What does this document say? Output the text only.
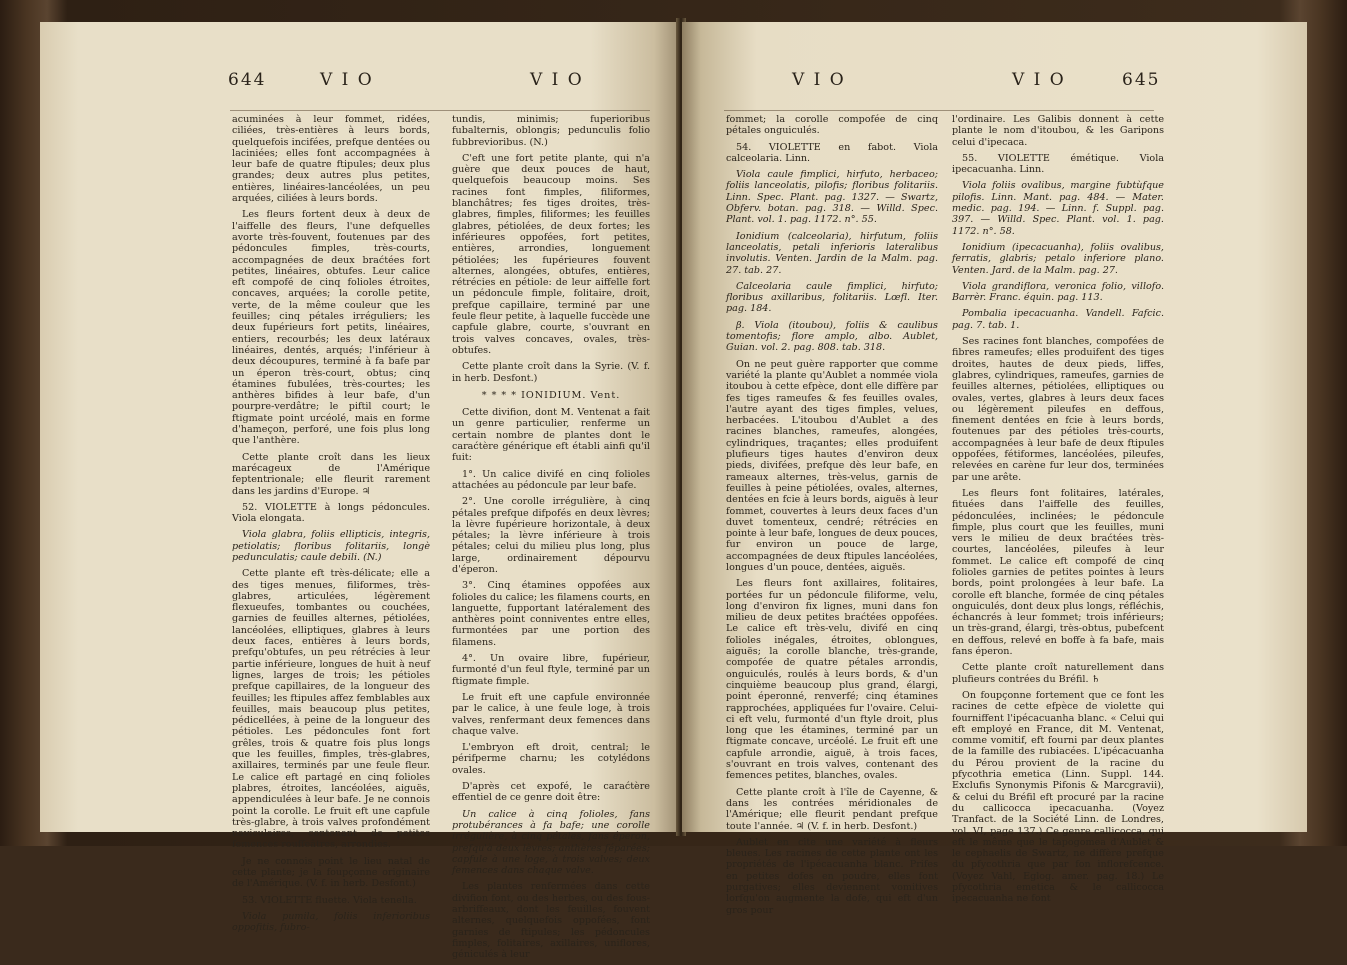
644	V I O	V I O

acuminées à leur fommet, ridées, ciliées, très-entières à leurs bords, quelquefois incifées, prefque dentées ou laciniées; elles font accompagnées à leur bafe de quatre ftipules; deux plus grandes; deux autres plus petites, entières, linéaires-lancéolées, un peu arquées, ciliées à leurs bords.

Les fleurs fortent deux à deux de l'aiffelle des fleurs, l'une defquelles avorte très-fouvent, foutenues par des pédoncules fimples, très-courts, accompagnées de deux braćtées fort petites, linéaires, obtufes. Leur calice eft compofé de cinq folioles étroites, concaves, arquées; la corolle petite, verte, de la même couleur que les feuilles; cinq pétales irréguliers; les deux fupérieurs fort petits, linéaires, entiers, recourbés; les deux latéraux linéaires, dentés, arqués; l'inférieur à deux découpures, terminé à fa bafe par un éperon très-court, obtus; cinq étamines fubulées, très-courtes; les anthères bifides à leur bafe, d'un pourpre-verdâtre; le piftil court; le ftigmate point urcéolé, mais en forme d'hameçon, perforé, une fois plus long que l'anthère.

Cette plante croît dans les lieux marécageux de l'Amérique feptentrionale; elle fleurit rarement dans les jardins d'Europe. ♃

52. VIOLETTE à longs pédoncules. Viola elongata.

Viola glabra, foliis ellipticis, integris, petiolatis; floribus folitariis, longè pedunculatis; caule debili. (N.)

Cette plante eft très-délicate; elle a des tiges menues, filiformes, très-glabres, articulées, légèrement flexueufes, tombantes ou couchées, garnies de feuilles alternes, pétiolées, lancéolées, elliptiques, glabres à leurs deux faces, entières à leurs bords, prefqu'obtufes, un peu rétrécies à leur partie inférieure, longues de huit à neuf lignes, larges de trois; les pétioles prefque capillaires, de la longueur des feuilles; les ftipules affez femblables aux feuilles, mais beaucoup plus petites, pédicellées, à peine de la longueur des pétioles. Les pédoncules font fort grêles, trois & quatre fois plus longs que les feuilles, fimples, très-glabres, axillaires, terminés par une feule fleur. Le calice eft partagé en cinq folioles plabres, étroites, lancéolées, aiguës, appendiculées à leur bafe. Je ne connois point la corolle. Le fruit eft une capfule très-glabre, à trois valves profondément naviculaires, contenant de petites femences rouffeâtres, arrondies.

Je ne connois point le lieu natal de cette plante; je la foupçonne originaire de l'Amérique. (V. f. in herb. Desfont.)

53. VIOLETTE fluette. Viola tenella.

Viola pumila, foliis inferioribus oppofitis, fubro-

tundis, minimis; fuperioribus fubalternis, oblongis; pedunculis folio fubbrevioribus. (N.)

C'eft une fort petite plante, qui n'a guère que deux pouces de haut, quelquefois beaucoup moins. Ses racines font fimples, filiformes, blanchâtres; fes tiges droites, très-glabres, fimples, filiformes; les feuilles glabres, pétiolées, de deux fortes; les inférieures oppofées, fort petites, entières, arrondies, longuement pétiolées; les fupérieures fouvent alternes, alongées, obtufes, entières, rétrécies en pétiole: de leur aiffelle fort un pédoncule fimple, folitaire, droit, prefque capillaire, terminé par une feule fleur petite, à laquelle fuccède une capfule glabre, courte, s'ouvrant en trois valves concaves, ovales, très-obtufes.

Cette plante croît dans la Syrie. (V. f. in herb. Desfont.)

* * * * IONIDIUM. Vent.

Cette divifion, dont M. Ventenat a fait un genre particulier, renferme un certain nombre de plantes dont le caraćtère générique eft établi ainfi qu'il fuit:

1°. Un calice divifé en cinq folioles attachées au pédoncule par leur bafe.

2°. Une corolle irrégulière, à cinq pétales prefque difpofés en deux lèvres; la lèvre fupérieure horizontale, à deux pétales; la lèvre inférieure à trois pétales; celui du milieu plus long, plus large, ordinairement dépourvu d'éperon.

3°. Cinq étamines oppofées aux folioles du calice; les filamens courts, en languette, fupportant latéralement des anthères point conniventes entre elles, furmontées par une portion des filamens.

4°. Un ovaire libre, fupérieur, furmonté d'un feul ftyle, terminé par un ftigmate fimple.

Le fruit eft une capfule environnée par le calice, à une feule loge, à trois valves, renfermant deux femences dans chaque valve.

L'embryon eft droit, central; le périfperme charnu; les cotylédons ovales.

D'après cet expofé, le caraćtère effentiel de ce genre doit être:

Un calice à cinq folioles, fans protubérances à fa bafe; une corolle irrégulière, à cinq pétales, fans éperon, prefqu'à deux lèvres; anthères féparées; capfule à une loge, à trois valves; deux femences dans chaque valve.

Les plantes renfermées dans cette divifion font, ou des herbes, ou des fous-arbriffeaux, dont les feuilles, fouvent alternes, quelquefois oppofées, font garnies de ftipules; les pédoncules fimples, folitaires, axillaires, uniflores, géniculés à leur

V I O	V I O	645

fommet; la corolle compofée de cinq pétales onguiculés.

54. VIOLETTE en fabot. Viola calceolaria. Linn.

Viola caule fimplici, hirfuto, herbaceo; foliis lanceolatis, pilofis; floribus folitariis. Linn. Spec. Plant. pag. 1327. — Swartz, Obferv. botan. pag. 318. — Willd. Spec. Plant. vol. 1. pag. 1172. n°. 55.

Ionidium (calceolaria), hirfutum, foliis lanceolatis, petali inferioris lateralibus involutis. Venten. Jardin de la Malm. pag. 27. tab. 27.

Calceolaria caule fimplici, hirfuto; floribus axillaribus, folitariis. Lœfl. Iter. pag. 184.

β. Viola (itoubou), foliis & caulibus tomentofis; flore amplo, albo. Aublet, Guian. vol. 2. pag. 808. tab. 318.

On ne peut guère rapporter que comme variété la plante qu'Aublet a nommée viola itoubou à cette efpèce, dont elle diffère par fes tiges rameufes & fes feuilles ovales, l'autre ayant des tiges fimples, velues, herbacées. L'itoubou d'Aublet a des racines blanches, rameufes, alongées, cylindriques, traçantes; elles produifent plufieurs tiges hautes d'environ deux pieds, divifées, prefque dès leur bafe, en rameaux alternes, très-velus, garnis de feuilles à peine pétiolées, ovales, alternes, dentées en fcie à leurs bords, aiguës à leur fommet, couvertes à leurs deux faces d'un duvet tomenteux, cendré; rétrécies en pointe à leur bafe, longues de deux pouces, fur environ un pouce de large, accompagnées de deux ftipules lancéolées, longues d'un pouce, dentées, aiguës.

Les fleurs font axillaires, folitaires, portées fur un pédoncule filiforme, velu, long d'environ fix lignes, muni dans fon milieu de deux petites braćtées oppofées. Le calice eft très-velu, divifé en cinq folioles inégales, étroites, oblongues, aiguës; la corolle blanche, très-grande, compofée de quatre pétales arrondis, onguiculés, roulés à leurs bords, & d'un cinquième beaucoup plus grand, élargi, point éperonné, renverfé; cinq étamines rapprochées, appliquées fur l'ovaire. Celui-ci eft velu, furmonté d'un ftyle droit, plus long que les étamines, terminé par un ftigmate concave, urcéolé. Le fruit eft une capfule arrondie, aiguë, à trois faces, s'ouvrant en trois valves, contenant des femences petites, blanches, ovales.

Cette plante croît à l'île de Cayenne, & dans les contrées méridionales de l'Amérique; elle fleurit pendant prefque toute l'année. ♃ (V. f. in herb. Desfont.)

Aublet en cite une variété à fleurs bleues. Les racines de cette plante ont les propriétés de l'ipécacuanha blanc. Prifes en petites dofes en poudre, elles font purgatives; elles deviennent vomitives lorfqu'on augmente la dofe, qui eft d'un gros pour

l'ordinaire. Les Galibis donnent à cette plante le nom d'itoubou, & les Garipons celui d'ipecaca.

55. VIOLETTE émétique. Viola ipecacuanha. Linn.

Viola foliis ovalibus, margine fubtùfque pilofis. Linn. Mant. pag. 484. — Mater. medic. pag. 194. — Linn. f. Suppl. pag. 397. — Willd. Spec. Plant. vol. 1. pag. 1172. n°. 58.

Ionidium (ipecacuanha), foliis ovalibus, ferratis, glabris; petalo inferiore plano. Venten. Jard. de la Malm. pag. 27.

Viola grandiflora, veronica folio, villofo. Barrèr. Franc. équin. pag. 113.

Pombalia ipecacuanha. Vandell. Fafcic. pag. 7. tab. 1.

Ses racines font blanches, compofées de fibres rameufes; elles produifent des tiges droites, hautes de deux pieds, liffes, glabres, cylindriques, rameufes, garnies de feuilles alternes, pétiolées, elliptiques ou ovales, vertes, glabres à leurs deux faces ou légèrement pileufes en deffous, finement dentées en fcie à leurs bords, foutenues par des pétioles très-courts, accompagnées à leur bafe de deux ftipules oppofées, fétiformes, lancéolées, pileufes, relevées en carène fur leur dos, terminées par une arête.

Les fleurs font folitaires, latérales, fituées dans l'aiffelle des feuilles, pédonculées, inclinées; le pédoncule fimple, plus court que les feuilles, muni vers le milieu de deux braćtées très-courtes, lancéolées, pileufes à leur fommet. Le calice eft compofé de cinq folioles garnies de petites pointes à leurs bords, point prolongées à leur bafe. La corolle eft blanche, formée de cinq pétales onguiculés, dont deux plus longs, réfléchis, échancrés à leur fommet; trois inférieurs; un très-grand, élargi, très-obtus, pubefcent en deffous, relevé en boffe à fa bafe, mais fans éperon.

Cette plante croît naturellement dans plufieurs contrées du Bréfil. ♄

On foupçonne fortement que ce font les racines de cette efpèce de violette qui fourniffent l'ipécacuanha blanc. « Celui qui eft employé en France, dit M. Ventenat, comme vomitif, eft fourni par deux plantes de la famille des rubiacées. L'ipécacuanha du Pérou provient de la racine du pfycothria emetica (Linn. Suppl. 144. Exclufis Synonymis Pifonis & Marcgravii), & celui du Bréfil eft procuré par la racine du callicocca ipecacuanha. (Voyez Tranfact. de la Société Linn. de Londres, vol. VI, page 137.) Ce genre callicocca, qui eft le même que le tapogomea d'Aublet & le cephaelis de Swartz, ne diffère prefque du pfycothria que par fon inflorefcence. (Voyez Vahl, Eglog. amer. pag. 18.) Le pfycothria emetica & le callicocca ipecacuanha ne font
